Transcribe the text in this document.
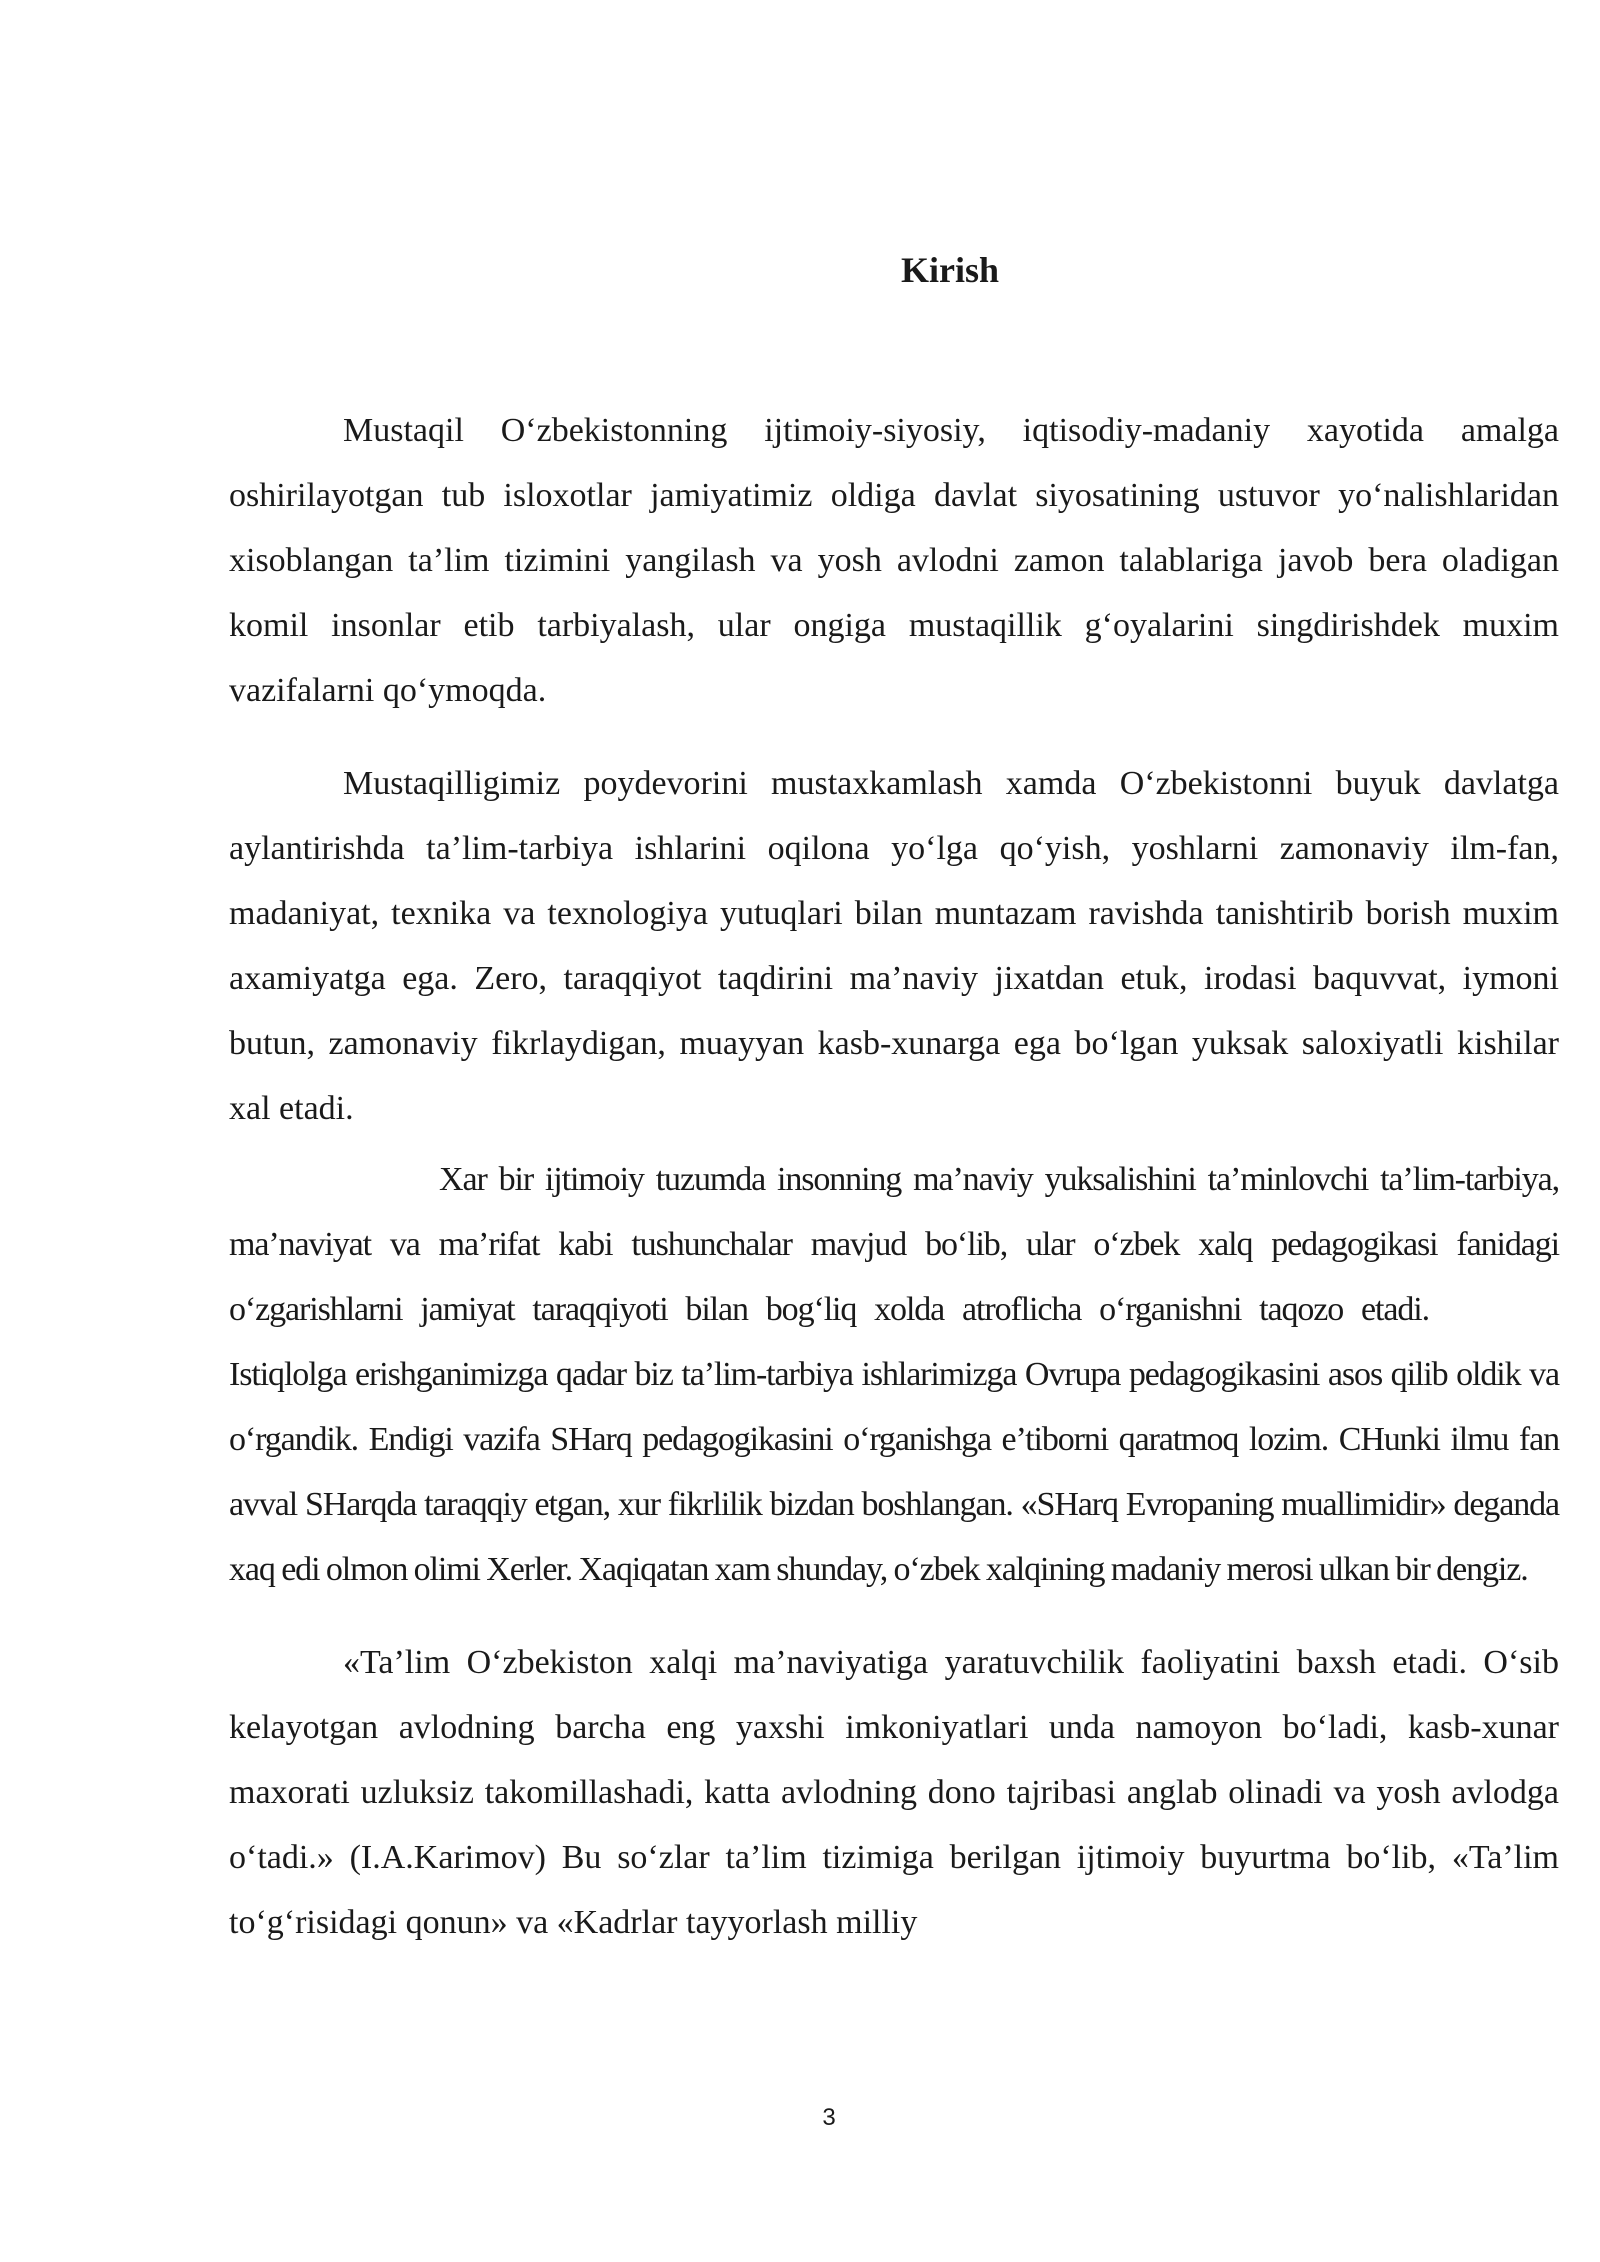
Kirish

Mustaqil O‘zbekistonning ijtimoiy-siyosiy, iqtisodiy-madaniy xayotida amalga oshirilayotgan tub isloxotlar jamiyatimiz oldiga davlat siyosatining ustuvor yo‘nalishlaridan xisoblangan ta’lim tizimini yangilash va yosh avlodni zamon talablariga javob bera oladigan komil insonlar etib tarbiyalash, ular ongiga mustaqillik g‘oyalarini singdirishdek muxim vazifalarni qo‘ymoqda.

Mustaqilligimiz poydevorini mustaxkamlash xamda O‘zbekistonni buyuk davlatga aylantirishda ta’lim-tarbiya ishlarini oqilona yo‘lga qo‘yish, yoshlarni zamonaviy ilm-fan, madaniyat, texnika va texnologiya yutuqlari bilan muntazam ravishda tanishtirib borish muxim axamiyatga ega. Zero, taraqqiyot taqdirini ma’naviy jixatdan etuk, irodasi baquvvat, iymoni butun, zamonaviy fikrlaydigan, muayyan kasb-xunarga ega bo‘lgan yuksak saloxiyatli kishilar xal etadi.

Xar bir ijtimoiy tuzumda insonning ma’naviy yuksalishini ta’minlovchi ta’lim-tarbiya, ma’naviyat va ma’rifat kabi tushunchalar mavjud bo‘lib, ular o‘zbek xalq pedagogikasi fanidagi o‘zgarishlarni jamiyat taraqqiyoti bilan bog‘liq xolda atroflicha o‘rganishni taqozo etadi.Istiqlolga erishganimizga qadar biz ta’lim-tarbiya ishlarimizga Ovrupa pedagogikasini asos qilib oldik va o‘rgandik. Endigi vazifa SHarq pedagogikasini o‘rganishga e’tiborni qaratmoq lozim. CHunki ilmu fan avval SHarqda taraqqiy etgan, xur fikrlilik bizdan boshlangan. «SHarq Evropaning muallimidir» deganda xaq edi olmon olimi Xerler. Xaqiqatan xam shunday, o‘zbek xalqining madaniy merosi ulkan bir dengiz.

«Ta’lim O‘zbekiston xalqi ma’naviyatiga yaratuvchilik faoliyatini baxsh etadi. O‘sib kelayotgan avlodning barcha eng yaxshi imkoniyatlari unda namoyon bo‘ladi, kasb-xunar maxorati uzluksiz takomillashadi, katta avlodning dono tajribasi anglab olinadi va yosh avlodga o‘tadi.» (I.A.Karimov) Bu so‘zlar ta’lim tizimiga berilgan ijtimoiy buyurtma bo‘lib, «Ta’lim to‘g‘risidagi qonun» va «Kadrlar tayyorlash milliy

3
